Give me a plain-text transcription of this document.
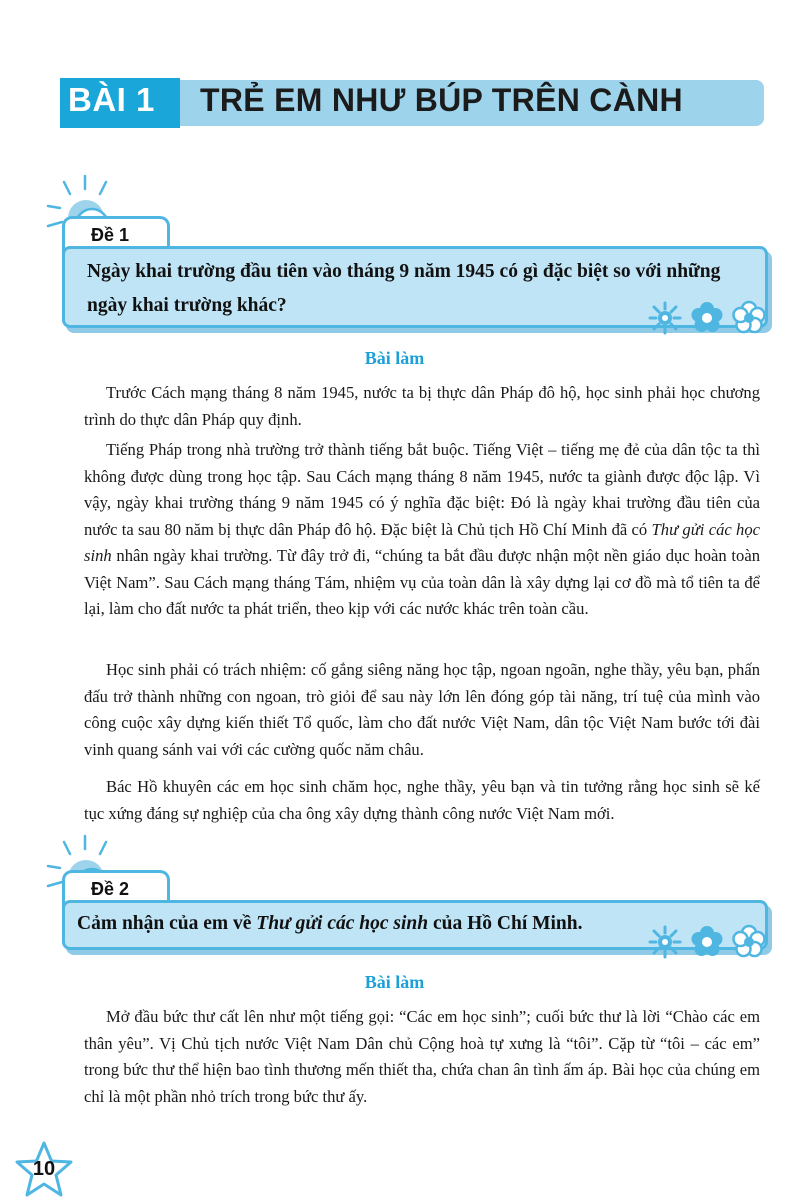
BÀI 1 TRẺ EM NHƯ BÚP TRÊN CÀNH
Đề 1
Ngày khai trường đầu tiên vào tháng 9 năm 1945 có gì đặc biệt so với những ngày khai trường khác?
Bài làm

Trước Cách mạng tháng 8 năm 1945, nước ta bị thực dân Pháp đô hộ, học sinh phải học chương trình do thực dân Pháp quy định.

Tiếng Pháp trong nhà trường trở thành tiếng bắt buộc. Tiếng Việt – tiếng mẹ đẻ của dân tộc ta thì không được dùng trong học tập. Sau Cách mạng tháng 8 năm 1945, nước ta giành được độc lập. Vì vậy, ngày khai trường tháng 9 năm 1945 có ý nghĩa đặc biệt: Đó là ngày khai trường đầu tiên của nước ta sau 80 năm bị thực dân Pháp đô hộ. Đặc biệt là Chủ tịch Hồ Chí Minh đã có Thư gửi các học sinh nhân ngày khai trường. Từ đây trở đi, “chúng ta bắt đầu được nhận một nền giáo dục hoàn toàn Việt Nam”. Sau Cách mạng tháng Tám, nhiệm vụ của toàn dân là xây dựng lại cơ đồ mà tổ tiên ta để lại, làm cho đất nước ta phát triển, theo kịp với các nước khác trên toàn cầu.

Học sinh phải có trách nhiệm: cố gắng siêng năng học tập, ngoan ngoãn, nghe thầy, yêu bạn, phấn đấu trở thành những con ngoan, trò giỏi để sau này lớn lên đóng góp tài năng, trí tuệ của mình vào công cuộc xây dựng kiến thiết Tổ quốc, làm cho đất nước Việt Nam, dân tộc Việt Nam bước tới đài vinh quang sánh vai với các cường quốc năm châu.

Bác Hồ khuyên các em học sinh chăm học, nghe thầy, yêu bạn và tin tưởng rằng học sinh sẽ kế tục xứng đáng sự nghiệp của cha ông xây dựng thành công nước Việt Nam mới.

Đề 2
Cảm nhận của em về Thư gửi các học sinh của Hồ Chí Minh.
Bài làm

Mở đầu bức thư cất lên như một tiếng gọi: “Các em học sinh”; cuối bức thư là lời “Chào các em thân yêu”. Vị Chủ tịch nước Việt Nam Dân chủ Cộng hoà tự xưng là “tôi”. Cặp từ “tôi – các em” trong bức thư thể hiện bao tình thương mến thiết tha, chứa chan ân tình ấm áp. Bài học của chúng em chỉ là một phần nhỏ trích trong bức thư ấy.

10
